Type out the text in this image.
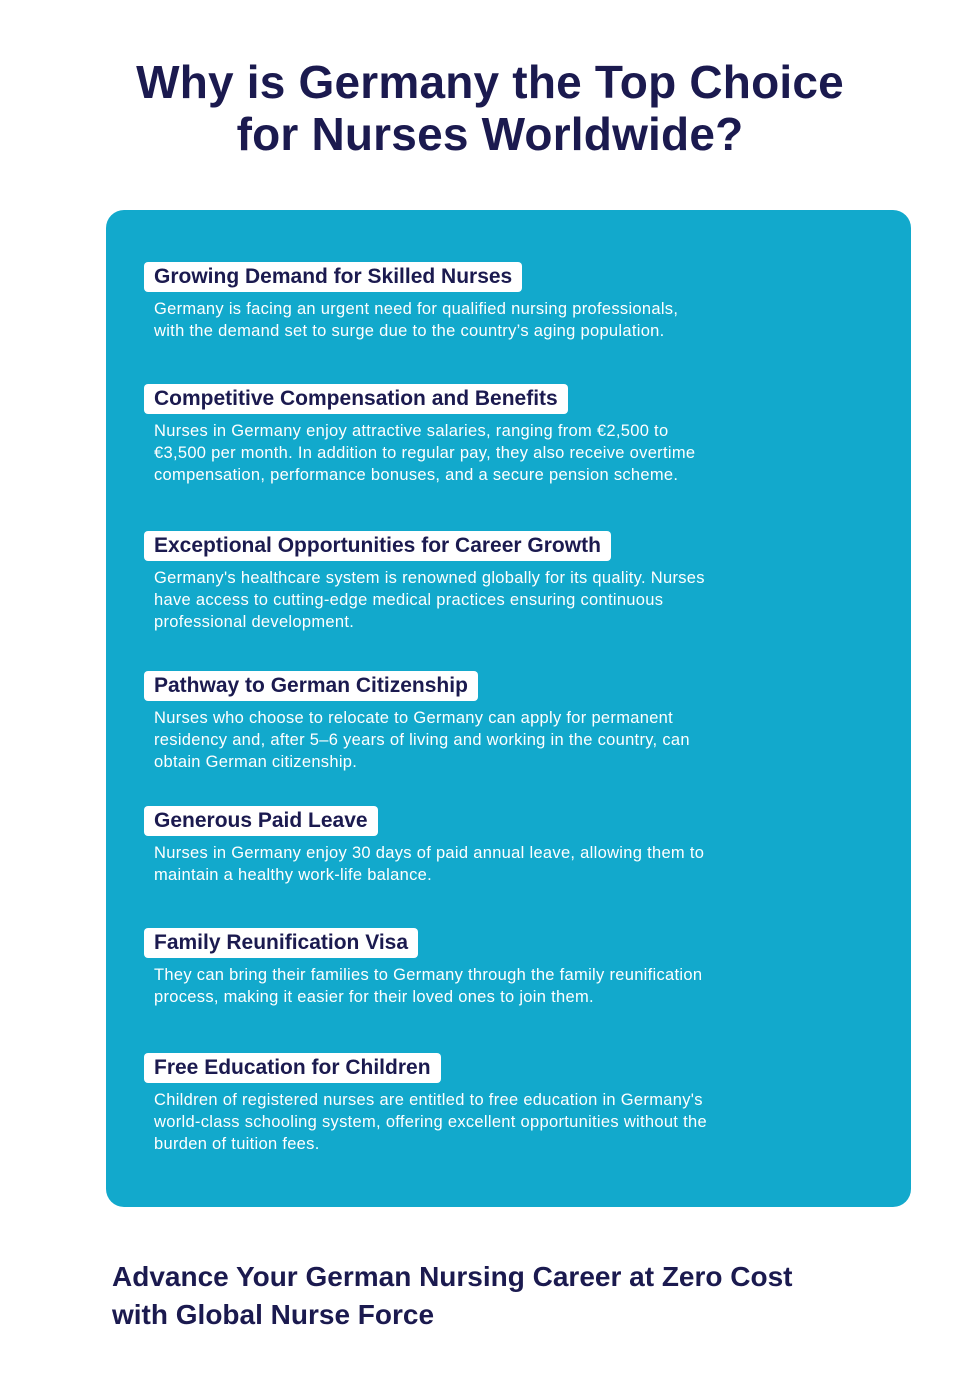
Why is Germany the Top Choice
for Nurses Worldwide?
Growing Demand for Skilled Nurses
Germany is facing an urgent need for qualified nursing professionals,
with the demand set to surge due to the country’s aging population.
Competitive Compensation and Benefits
Nurses in Germany enjoy attractive salaries, ranging from €2,500 to
€3,500 per month. In addition to regular pay, they also receive overtime
compensation, performance bonuses, and a secure pension scheme.
Exceptional Opportunities for Career Growth
Germany's healthcare system is renowned globally for its quality. Nurses
have access to cutting-edge medical practices ensuring continuous
professional development.
Pathway to German Citizenship
Nurses who choose to relocate to Germany can apply for permanent
residency and, after 5–6 years of living and working in the country, can
obtain German citizenship.
Generous Paid Leave
Nurses in Germany enjoy 30 days of paid annual leave, allowing them to
maintain a healthy work-life balance.
Family Reunification Visa
They can bring their families to Germany through the family reunification
process, making it easier for their loved ones to join them.
Free Education for Children
Children of registered nurses are entitled to free education in Germany's
world-class schooling system, offering excellent opportunities without the
burden of tuition fees.
Advance Your German Nursing Career at Zero Cost
with Global Nurse Force
